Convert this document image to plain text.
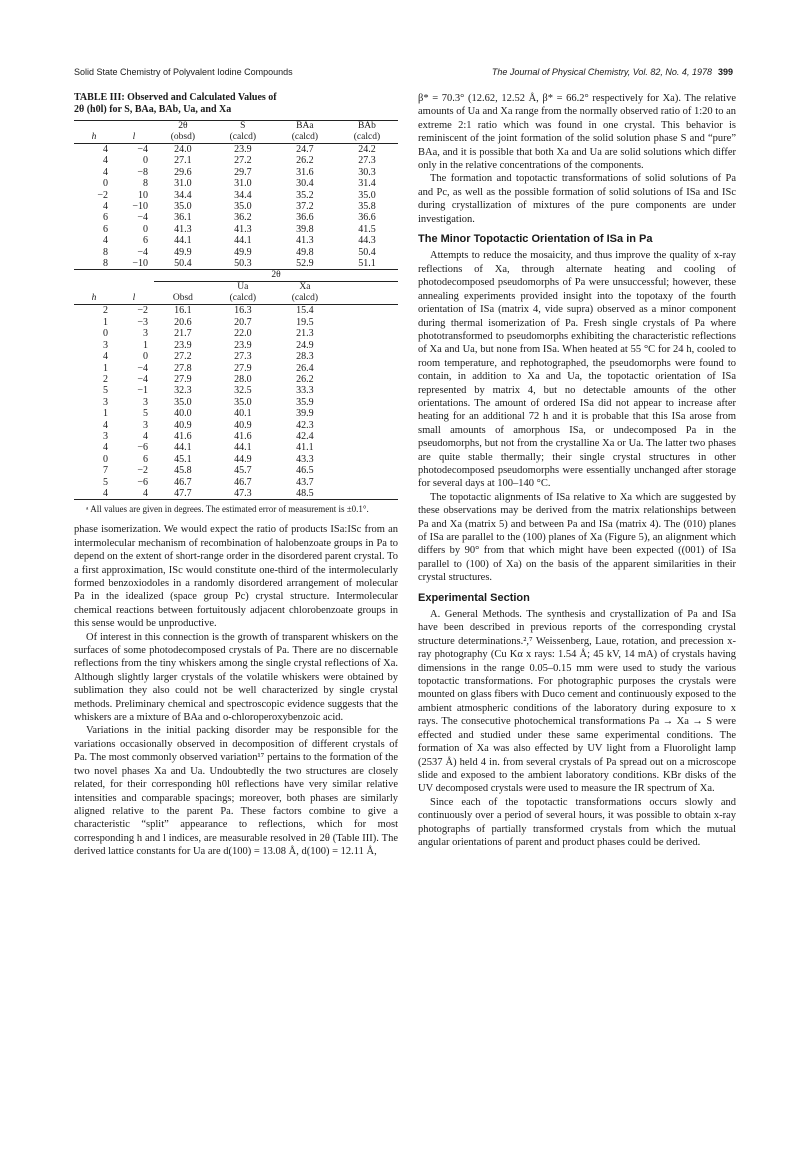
Solid State Chemistry of Polyvalent Iodine Compounds	The Journal of Physical Chemistry, Vol. 82, No. 4, 1978 399
TABLE III: Observed and Calculated Values of
2θ (h0l) for S, BAa, BAb, Ua, and Xa
		2θ	S	BAa	BAb
h	l	(obsd)	(calcd)	(calcd)	(calcd)
4	−4	24.0	23.9	24.7	24.2
4	0	27.1	27.2	26.2	27.3
4	−8	29.6	29.7	31.6	30.3
0	8	31.0	31.0	30.4	31.4
−2	10	34.4	34.4	35.2	35.0
4	−10	35.0	35.0	37.2	35.8
6	−4	36.1	36.2	36.6	36.6
6	0	41.3	41.3	39.8	41.5
4	6	44.1	44.1	41.3	44.3
8	−4	49.9	49.9	49.8	50.4
8	−10	50.4	50.3	52.9	51.1
		2θ			
			Ua	Xa	
h	l	Obsd	(calcd)	(calcd)	
2	−2	16.1	16.3	15.4	
1	−3	20.6	20.7	19.5	
0	3	21.7	22.0	21.3	
3	1	23.9	23.9	24.9	
4	0	27.2	27.3	28.3	
1	−4	27.8	27.9	26.4	
2	−4	27.9	28.0	26.2	
5	−1	32.3	32.5	33.3	
3	3	35.0	35.0	35.9	
1	5	40.0	40.1	39.9	
4	3	40.9	40.9	42.3	
3	4	41.6	41.6	42.4	
4	−6	44.1	44.1	41.1	
0	6	45.1	44.9	43.3	
7	−2	45.8	45.7	46.5	
5	−6	46.7	46.7	43.7	
4	4	47.7	47.3	48.5	
ᵃ All values are given in degrees. The estimated error of measurement is ±0.1°.

phase isomerization. We would expect the ratio of products ISa:ISc from an intermolecular mechanism of recombination of halobenzoate groups in Pa to depend on the extent of short-range order in the disordered parent crystal. To a first approximation, ISc would constitute one-third of the intermolecularly formed benzoxiodoles in a randomly disordered arrangement of molecular Pa in the idealized (space group Pc) crystal structure. Intermolecular chemical reactions between fortuitously adjacent chlorobenzoate groups in this sense would be unproductive.

Of interest in this connection is the growth of transparent whiskers on the surfaces of some photodecomposed crystals of Pa. There are no discernable reflections from the tiny whiskers among the single crystal reflections of Xa. Although slightly larger crystals of the volatile whiskers were obtained by sublimation they also could not be well characterized by single crystal methods. Preliminary chemical and spectroscopic evidence suggests that the whiskers are a mixture of BAa and o-chloroperoxybenzoic acid.

Variations in the initial packing disorder may be responsible for the variations occasionally observed in decomposition of different crystals of Pa. The most commonly observed variation¹⁷ pertains to the formation of the two novel phases Xa and Ua. Undoubtedly the two structures are closely related, for their corresponding h0l reflections have very similar relative intensities and comparable spacings; moreover, both phases are similarly aligned relative to the parent Pa. These factors combine to give a characteristic “split” appearance to reflections, which for most corresponding h and l indices, are measurable resolved in 2θ (Table III). The derived lattice constants for Ua are d(100) = 13.08 Å, d(100) = 12.11 Å,

β* = 70.3° (12.62, 12.52 Å, β* = 66.2° respectively for Xa). The relative amounts of Ua and Xa range from the normally observed ratio of 1:20 to an extreme 2:1 ratio which was found in one crystal. This behavior is reminiscent of the joint formation of the solid solution phase S and “pure” BAa, and it is possible that both Xa and Ua are solid solutions which differ only in the relative concentrations of the components.

The formation and topotactic transformations of solid solutions of Pa and Pc, as well as the possible formation of solid solutions of ISa and ISc during crystallization of mixtures of the pure components are under investigation.

The Minor Topotactic Orientation of ISa in Pa

Attempts to reduce the mosaicity, and thus improve the quality of x-ray reflections of Xa, through alternate heating and cooling of photodecomposed pseudomorphs of Pa were unsuccessful; however, these annealing experiments provided insight into the topotaxy of the fourth orientation of ISa (matrix 4, vide supra) observed as a minor component during thermal isomerization of Pa. Fresh single crystals of Pa where phototransformed to pseudomorphs exhibiting the characteristic reflections of Xa and Ua, but none from ISa. When heated at 55 °C for 24 h, cooled to room temperature, and rephotographed, the pseudomorphs were found to contain, in addition to Xa and Ua, the topotactic orientation of ISa represented by matrix 4, but no detectable amounts of the other orientations. The amount of ordered ISa did not appear to increase after heating for an additional 72 h and it is probable that this ISa arose from small amounts of amorphous ISa, or undecomposed Pa in the pseudomorphs, but not from the crystalline Xa or Ua. The latter two phases are quite stable thermally; their single crystal structures in other photodecomposed pseudomorphs were essentially unchanged after storage for several days at 100–140 °C.

The topotactic alignments of ISa relative to Xa which are suggested by these observations may be derived from the matrix relationships between Pa and Xa (matrix 5) and between Pa and ISa (matrix 4). The (010) planes of ISa are parallel to the (100) planes of Xa (Figure 5), an alignment which differs by 90° from that which might have been expected ((001) of ISa parallel to (100) of Xa) on the basis of the apparent similarities in their crystal structures.

Experimental Section

A. General Methods. The synthesis and crystallization of Pa and ISa have been described in previous reports of the corresponding crystal structure determinations.²,⁷ Weissenberg, Laue, rotation, and precession x-ray photography (Cu Kα x rays: 1.54 Å; 45 kV, 14 mA) of crystals having dimensions in the range 0.05–0.15 mm were used to study the various topotactic transformations. For photographic purposes the crystals were mounted on glass fibers with Duco cement and continuously exposed to the ambient atmospheric conditions of the laboratory during exposure to x rays. The consecutive photochemical transformations Pa → Xa → S were effected and studied under these same experimental conditions. The formation of Xa was also effected by UV light from a Fluorolight lamp (2537 Å) held 4 in. from several crystals of Pa spread out on a microscope slide and exposed to the ambient laboratory conditions. KBr disks of the UV decomposed crystals were used to measure the IR spectrum of Xa.

Since each of the topotactic transformations occurs slowly and continuously over a period of several hours, it was possible to obtain x-ray photographs of partially transformed crystals from which the mutual angular orientations of parent and product phases could be derived.
